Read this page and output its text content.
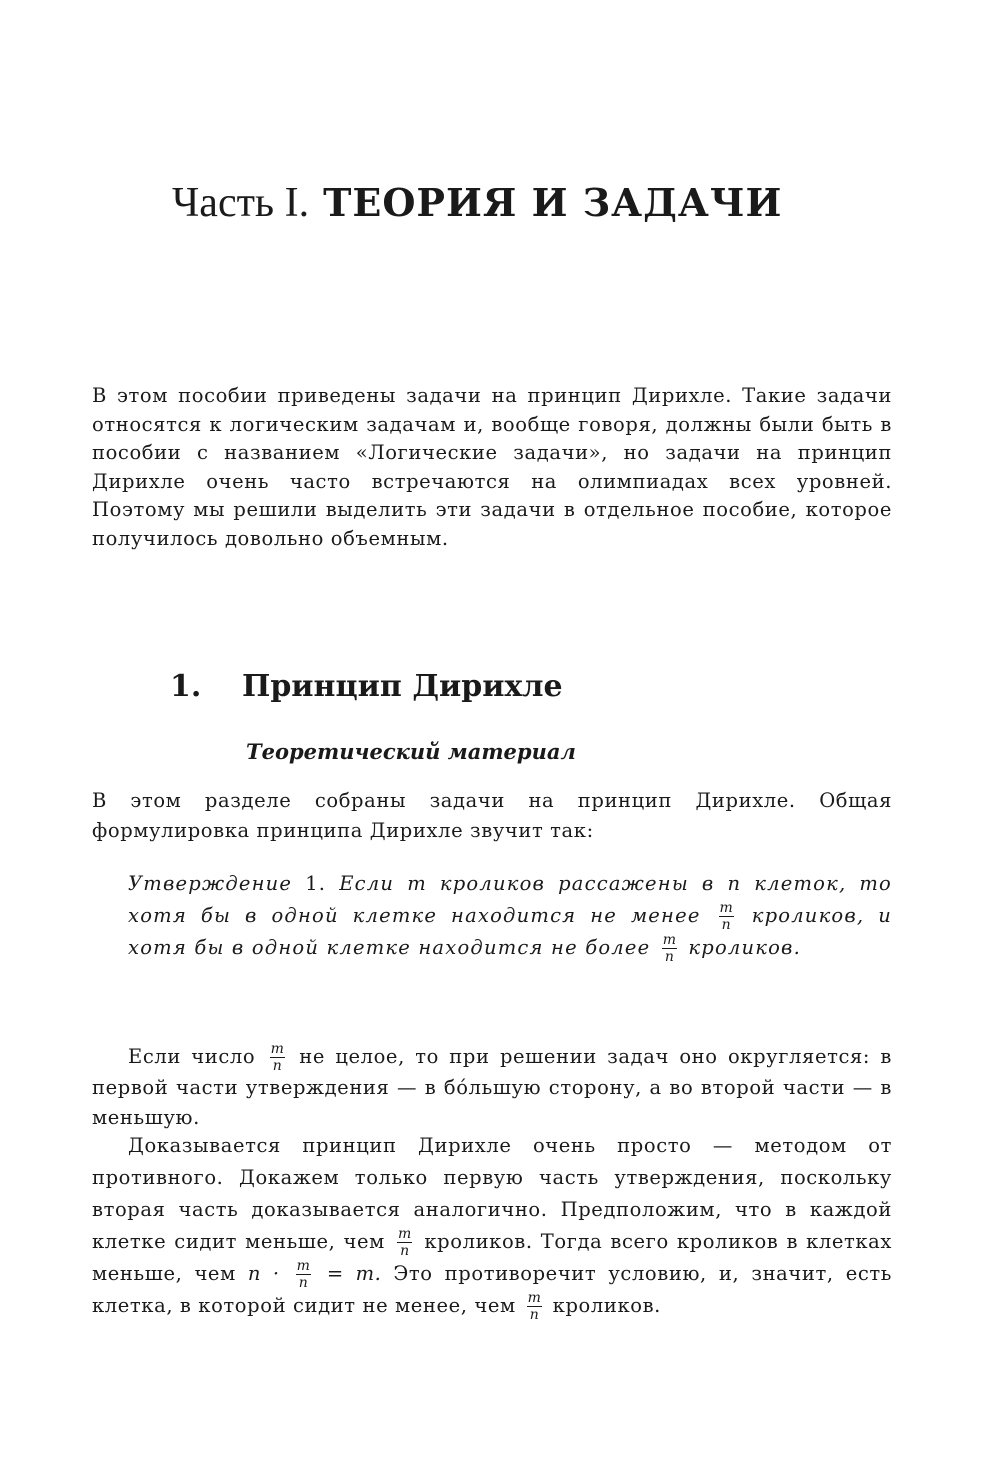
Часть I. ТЕОРИЯ И ЗАДАЧИ
В этом пособии приведены задачи на принцип Дирихле. Такие задачи относятся к логическим задачам и, вообще говоря, должны были быть в пособии с названием «Логические задачи», но задачи на принцип Дирихле очень часто встречаются на олимпиадах всех уровней. Поэтому мы решили выделить эти задачи в отдельное пособие, которое получилось довольно объемным.
1. Принцип Дирихле
Теоретический материал
В этом разделе собраны задачи на принцип Дирихле. Общая формулировка принципа Дирихле звучит так:
Утверждение 1. Если m кроликов рассажены в n клеток, то хотя бы в одной клетке находится не менее $\frac{m}{n}$ кроликов, и хотя бы в одной клетке находится не более $\frac{m}{n}$ кроликов.
Если число $\frac{m}{n}$ не целое, то при решении задач оно округляется: в первой части утверждения — в бо́льшую сторону, а во второй части — в меньшую.
Доказывается принцип Дирихле очень просто — методом от противного. Докажем только первую часть утверждения, поскольку вторая часть доказывается аналогично. Предположим, что в каждой клетке сидит меньше, чем $\frac{m}{n}$ кроликов. Тогда всего кроликов в клетках меньше, чем $n \cdot \frac{m}{n} = m$. Это противоречит условию, и, значит, есть клетка, в которой сидит не менее, чем $\frac{m}{n}$ кроликов.
